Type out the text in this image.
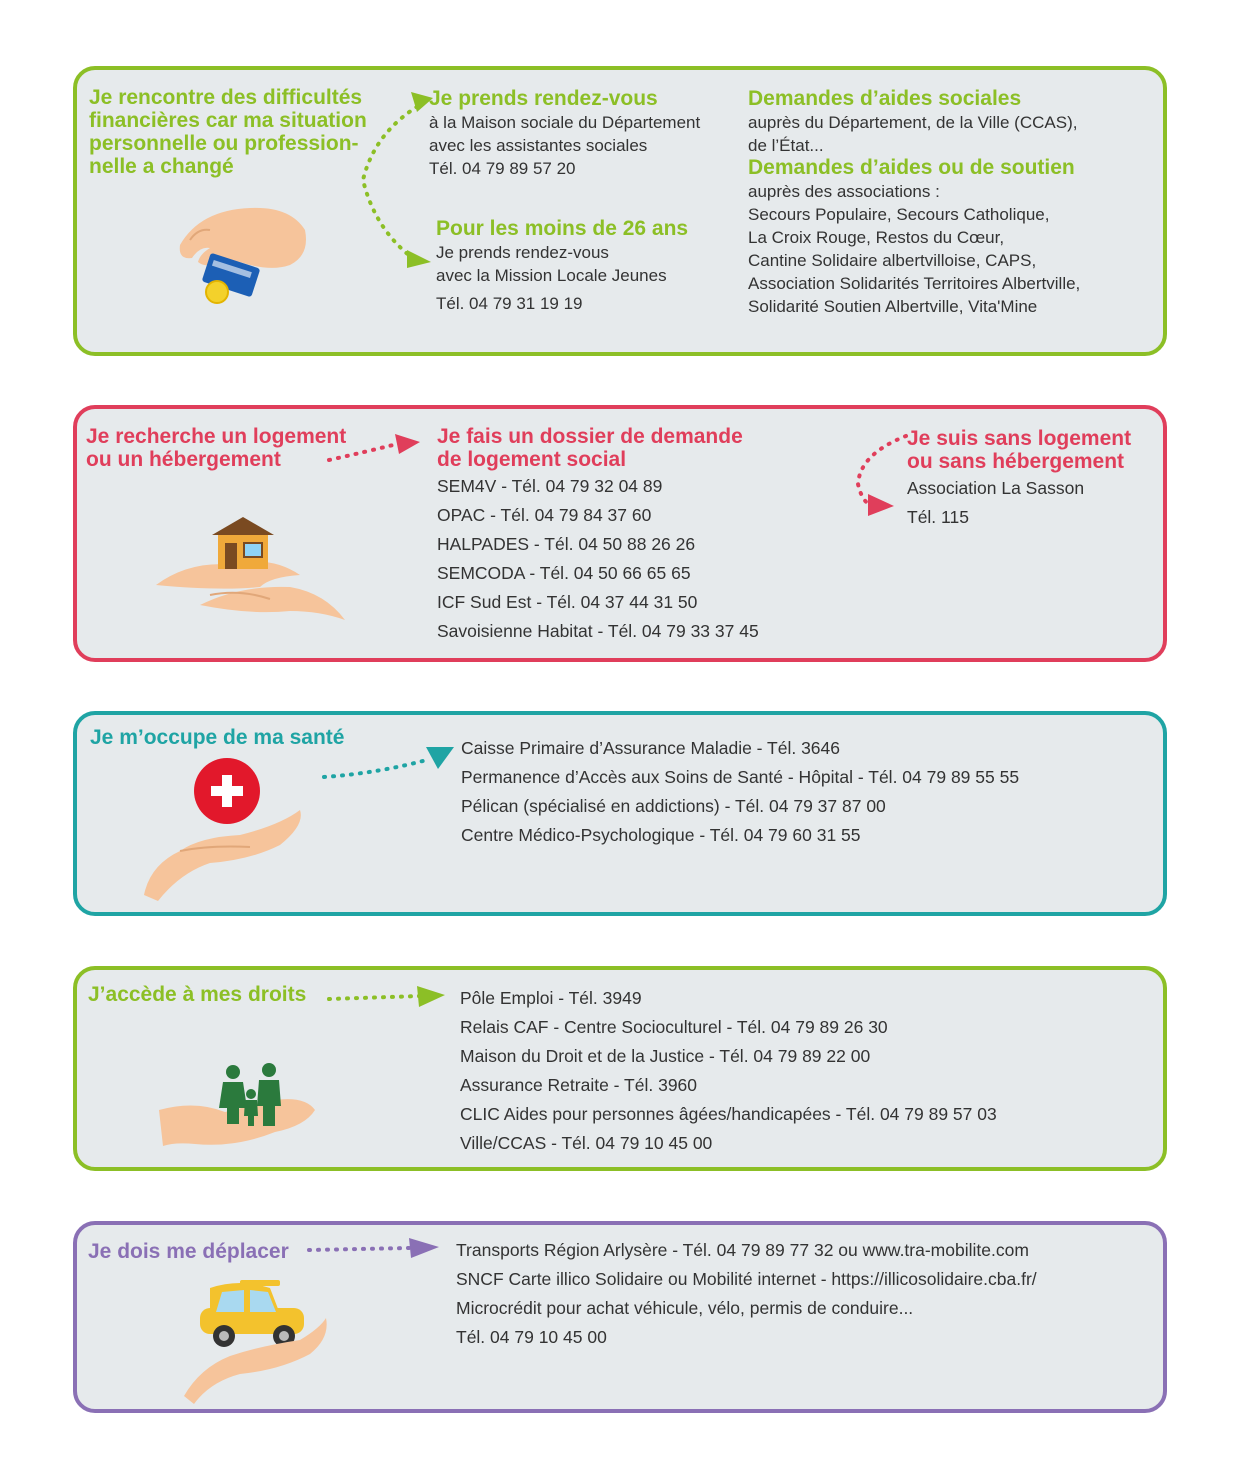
Je rencontre des difficultés
financières car ma situation
personnelle ou profession-
nelle a changé
Je prends rendez-vous
à la Maison sociale du Département
avec les assistantes sociales
Tél. 04 79 89 57 20
Pour les moins de 26 ans
Je prends rendez-vous
avec la Mission Locale Jeunes
Tél. 04 79 31 19 19
Demandes d’aides sociales
auprès du Département, de la Ville (CCAS),
de l’État...
Demandes d’aides ou de soutien
auprès des associations :
Secours Populaire, Secours Catholique,
La Croix Rouge, Restos du Cœur,
Cantine Solidaire albertvilloise, CAPS,
Association Solidarités Territoires Albertville,
Solidarité Soutien Albertville, Vita'Mine
Je recherche un logement
ou un hébergement
Je fais un dossier de demande
de logement social
SEM4V - Tél. 04 79 32 04 89
OPAC - Tél. 04 79 84 37 60
HALPADES - Tél. 04 50 88 26 26
SEMCODA - Tél. 04 50 66 65 65
ICF Sud Est - Tél. 04 37 44 31 50
Savoisienne Habitat - Tél. 04 79 33 37 45
Je suis sans logement
ou sans hébergement
Association La Sasson
Tél. 115
Je m’occupe de ma santé	Caisse Primaire d’Assurance Maladie - Tél. 3646
Permanence d’Accès aux Soins de Santé - Hôpital - Tél. 04 79 89 55 55
Pélican (spécialisé en addictions) - Tél. 04 79 37 87 00
Centre Médico-Psychologique - Tél. 04 79 60 31 55
J’accède à mes droits	Pôle Emploi - Tél. 3949
Relais CAF - Centre Socioculturel - Tél. 04 79 89 26 30
Maison du Droit et de la Justice - Tél. 04 79 89 22 00
Assurance Retraite - Tél. 3960
CLIC Aides pour personnes âgées/handicapées - Tél. 04 79 89 57 03
Ville/CCAS - Tél. 04 79 10 45 00
Je dois me déplacer	Transports Région Arlysère - Tél. 04 79 89 77 32 ou www.tra-mobilite.com
SNCF Carte illico Solidaire ou Mobilité internet - https://illicosolidaire.cba.fr/
Microcrédit pour achat véhicule, vélo, permis de conduire...
Tél. 04 79 10 45 00
